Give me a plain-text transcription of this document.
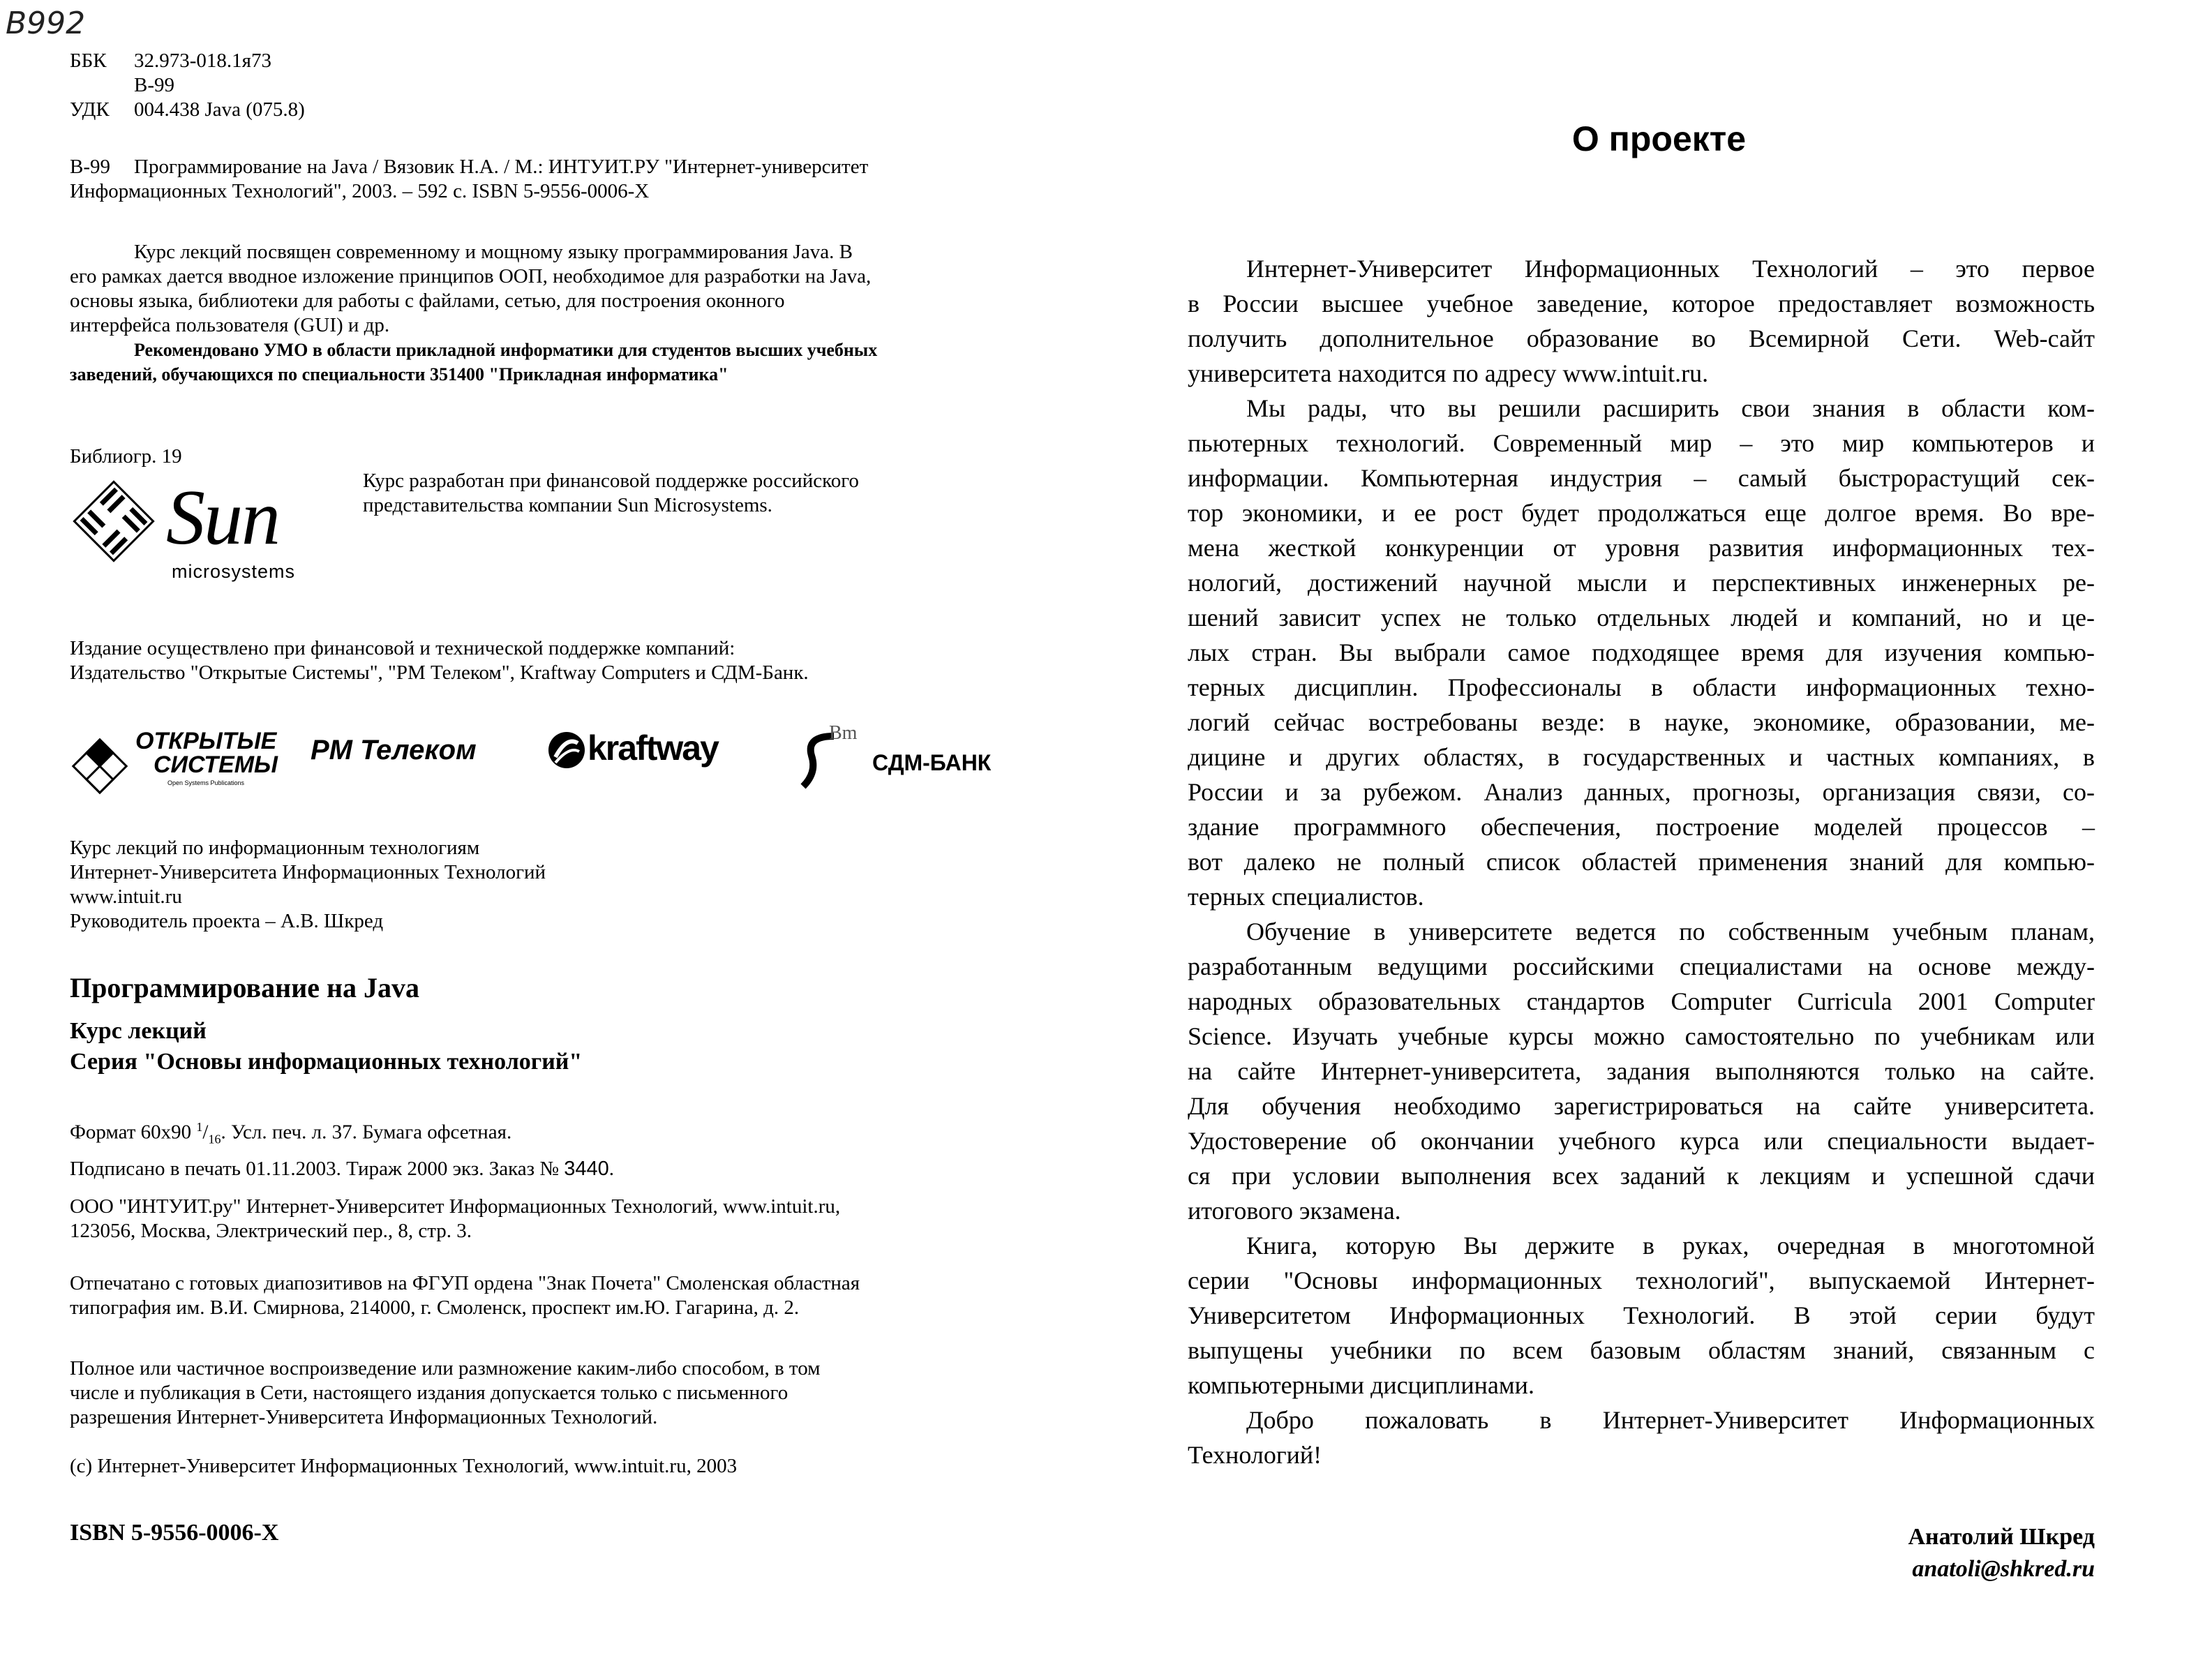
B992
ББК 32.973-018.1я73
В-99
УДК 004.438 Java (075.8)
В-99 Программирование на Java / Вязовик Н.А. / М.: ИНТУИТ.РУ "Интернет-университет
Информационных Технологий", 2003. – 592 с. ISBN 5-9556-0006-Х
Курс лекций посвящен современному и мощному языку программирования Java. В
его рамках дается вводное изложение принципов ООП, необходимое для разработки на Java,
основы языка, библиотеки для работы с файлами, сетью, для построения оконного
интерфейса пользователя (GUI) и др.
Рекомендовано УМО в области прикладной информатики для студентов высших учебных
заведений, обучающихся по специальности 351400 "Прикладная информатика"
Библиогр. 19
Sun
microsystems
Курс разработан при финансовой поддержке российского
представительства компании Sun Microsystems.
Издание осуществлено при финансовой и технической поддержке компаний:
Издательство "Открытые Системы", "РМ Телеком", Kraftway Computers и СДМ-Банк.
ОТКРЫТЫЕ
СИСТЕМЫ
Open Systems Publications
РМ Телеком	kraftway	Bm
СДМ-БАНК
Курс лекций по информационным технологиям
Интернет-Университета Информационных Технологий
www.intuit.ru
Руководитель проекта – А.В. Шкред
Программирование на Java
Курс лекций
Серия "Основы информационных технологий"
Формат 60x90 $^1/_{16}$. Усл. печ. л. 37. Бумага офсетная.
Подписано в печать 01.11.2003. Тираж 2000 экз. Заказ № 3440.
ООО "ИНТУИТ.ру" Интернет-Университет Информационных Технологий, www.intuit.ru,
123056, Москва, Электрический пер., 8, стр. 3.
Отпечатано с готовых диапозитивов на ФГУП ордена "Знак Почета" Смоленская областная
типография им. В.И. Смирнова, 214000, г. Смоленск, проспект им.Ю. Гагарина, д. 2.
Полное или частичное воспроизведение или размножение каким-либо способом, в том
числе и публикация в Сети, настоящего издания допускается только с письменного
разрешения Интернет-Университета Информационных Технологий.
(с) Интернет-Университет Информационных Технологий, www.intuit.ru, 2003
ISBN 5-9556-0006-Х
О проекте
Интернет-Университет Информационных Технологий – это первое
в России высшее учебное заведение, которое предоставляет возможность
получить дополнительное образование во Всемирной Сети. Web-сайт
университета находится по адресу www.intuit.ru.
Мы рады, что вы решили расширить свои знания в области ком-
пьютерных технологий. Современный мир – это мир компьютеров и
информации. Компьютерная индустрия – самый быстрорастущий сек-
тор экономики, и ее рост будет продолжаться еще долгое время. Во вре-
мена жесткой конкуренции от уровня развития информационных тех-
нологий, достижений научной мысли и перспективных инженерных ре-
шений зависит успех не только отдельных людей и компаний, но и це-
лых стран. Вы выбрали самое подходящее время для изучения компью-
терных дисциплин. Профессионалы в области информационных техно-
логий сейчас востребованы везде: в науке, экономике, образовании, ме-
дицине и других областях, в государственных и частных компаниях, в
России и за рубежом. Анализ данных, прогнозы, организация связи, со-
здание программного обеспечения, построение моделей процессов –
вот далеко не полный список областей применения знаний для компью-
терных специалистов.
Обучение в университете ведется по собственным учебным планам,
разработанным ведущими российскими специалистами на основе между-
народных образовательных стандартов Computer Curricula 2001 Computer
Science. Изучать учебные курсы можно самостоятельно по учебникам или
на сайте Интернет-университета, задания выполняются только на сайте.
Для обучения необходимо зарегистрироваться на сайте университета.
Удостоверение об окончании учебного курса или специальности выдает-
ся при условии выполнения всех заданий к лекциям и успешной сдачи
итогового экзамена.
Книга, которую Вы держите в руках, очередная в многотомной
серии "Основы информационных технологий", выпускаемой Интернет-
Университетом Информационных Технологий. В этой серии будут
выпущены учебники по всем базовым областям знаний, связанным с
компьютерными дисциплинами.
Добро пожаловать в Интернет-Университет Информационных
Технологий!
Анатолий Шкред
anatoli@shkred.ru
